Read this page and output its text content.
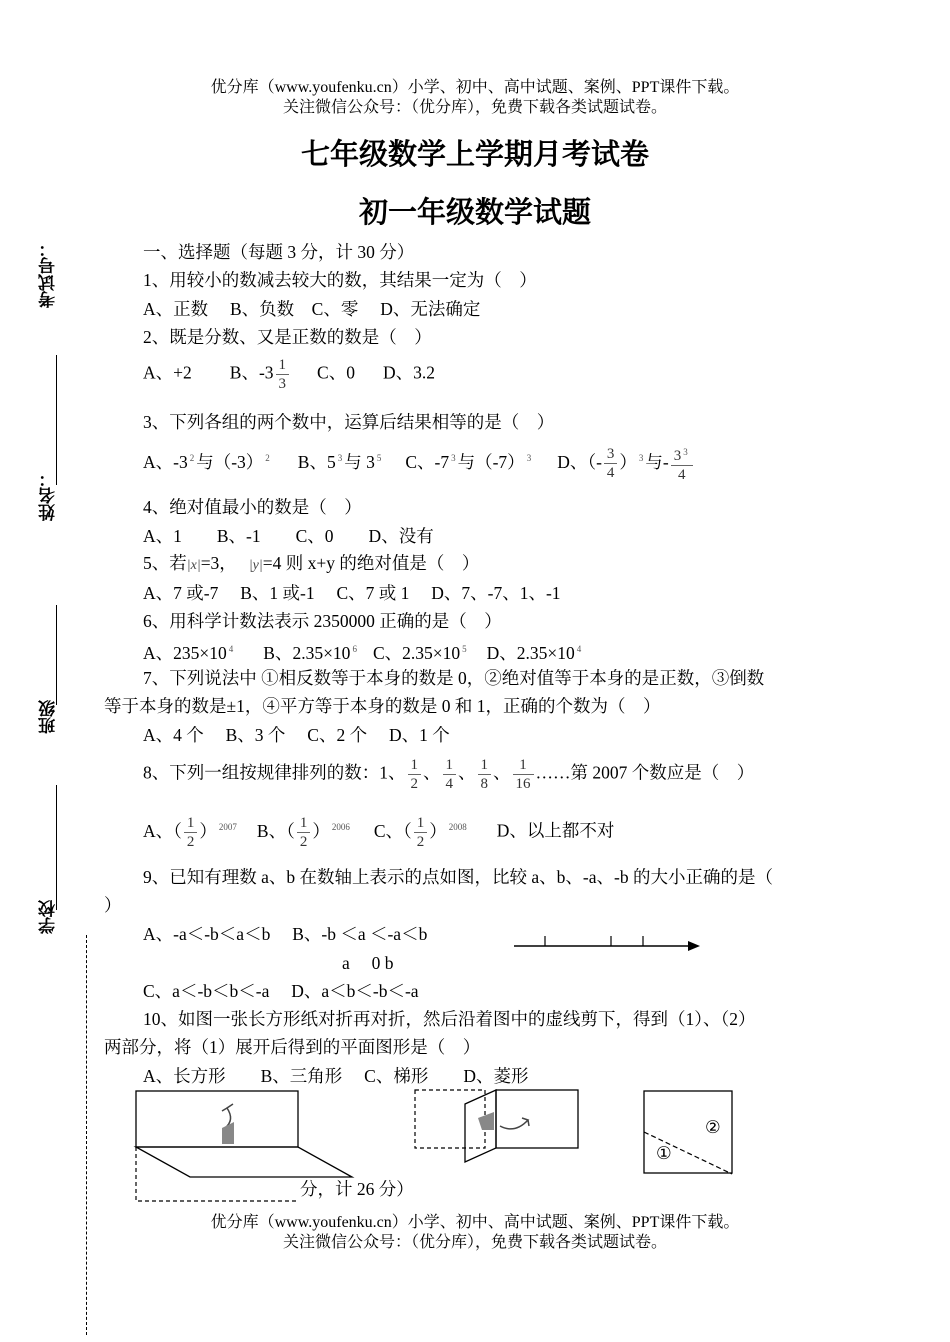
优分库（www.youfenku.cn）小学、初中、高中试题、案例、PPT课件下载。
关注微信公众号：（优分库），免费下载各类试题试卷。
七年级数学上学期月考试卷
初一年级数学试题
考试号：
姓名：
班级
学校
一、选择题（每题 3 分，计 30 分）
1、用较小的数减去较大的数，其结果一定为（　）
A、正数　 B、负数　C、零　 D、无法确定
2、既是分数、又是正数的数是（　）
A、+2 B、$-3 \frac{1}{3}$ C、0 D、3.2
3、下列各组的两个数中，运算后结果相等的是（　）
A、-3 $^2$ 与（-3） $^2$ B、5 $^3$ 与 3 $^5$ C、-7 $^3$ 与（-7） $^3$ D、（- $\frac{3}{4}$ ） $^3$ 与- $\frac{3 ^3}{4}$
4、绝对值最小的数是（　）
A、1　　B、-1　　C、0　　D、没有
5、若|x|=3， |y|=4 则 x+y 的绝对值是（　）
A、7 或-7　 B、1 或-1　 C、7 或 1　 D、7、-7、1、-1
6、用科学计数法表示 2350000 正确的是（　）
A、235×10 $^4$ B、2.35×10 $^6$ C、2.35×10 $^5$ D、2.35×10 $^4$
7、下列说法中 ①相反数等于本身的数是 0，②绝对值等于本身的是正数，③倒数
等于本身的数是±1，④平方等于本身的数是 0 和 1，正确的个数为（　）
A、4 个　 B、3 个　 C、2 个　 D、1 个
8、下列一组按规律排列的数：1、 $\frac{1}{2}$ 、 $\frac{1}{4}$ 、 $\frac{1}{8}$ 、 $\frac{1}{16}$ ……第 2007 个数应是（　）
A、（ $\frac{1}{2}$ ） $^{2007}$ B、（ $\frac{1}{2}$ ） $^{2006}$ C、（ $\frac{1}{2}$ ） $^{2008}$ D、以上都不对
9、已知有理数 a、b 在数轴上表示的点如图，比较 a、b、-a、-b 的大小正确的是（
）
A、-a＜-b＜a＜b　 B、-b ＜a ＜-a＜b
a　 0 b
C、a＜-b＜b＜-a　 D、a＜b＜-b＜-a
10、如图一张长方形纸对折再对折，然后沿着图中的虚线剪下，得到（1）、（2）
两部分，将（1）展开后得到的平面图形是（　）
A、长方形　　B、三角形　 C、梯形　　D、菱形
②
①
分，计 26 分）
优分库（www.youfenku.cn）小学、初中、高中试题、案例、PPT课件下载。
关注微信公众号：（优分库），免费下载各类试题试卷。
